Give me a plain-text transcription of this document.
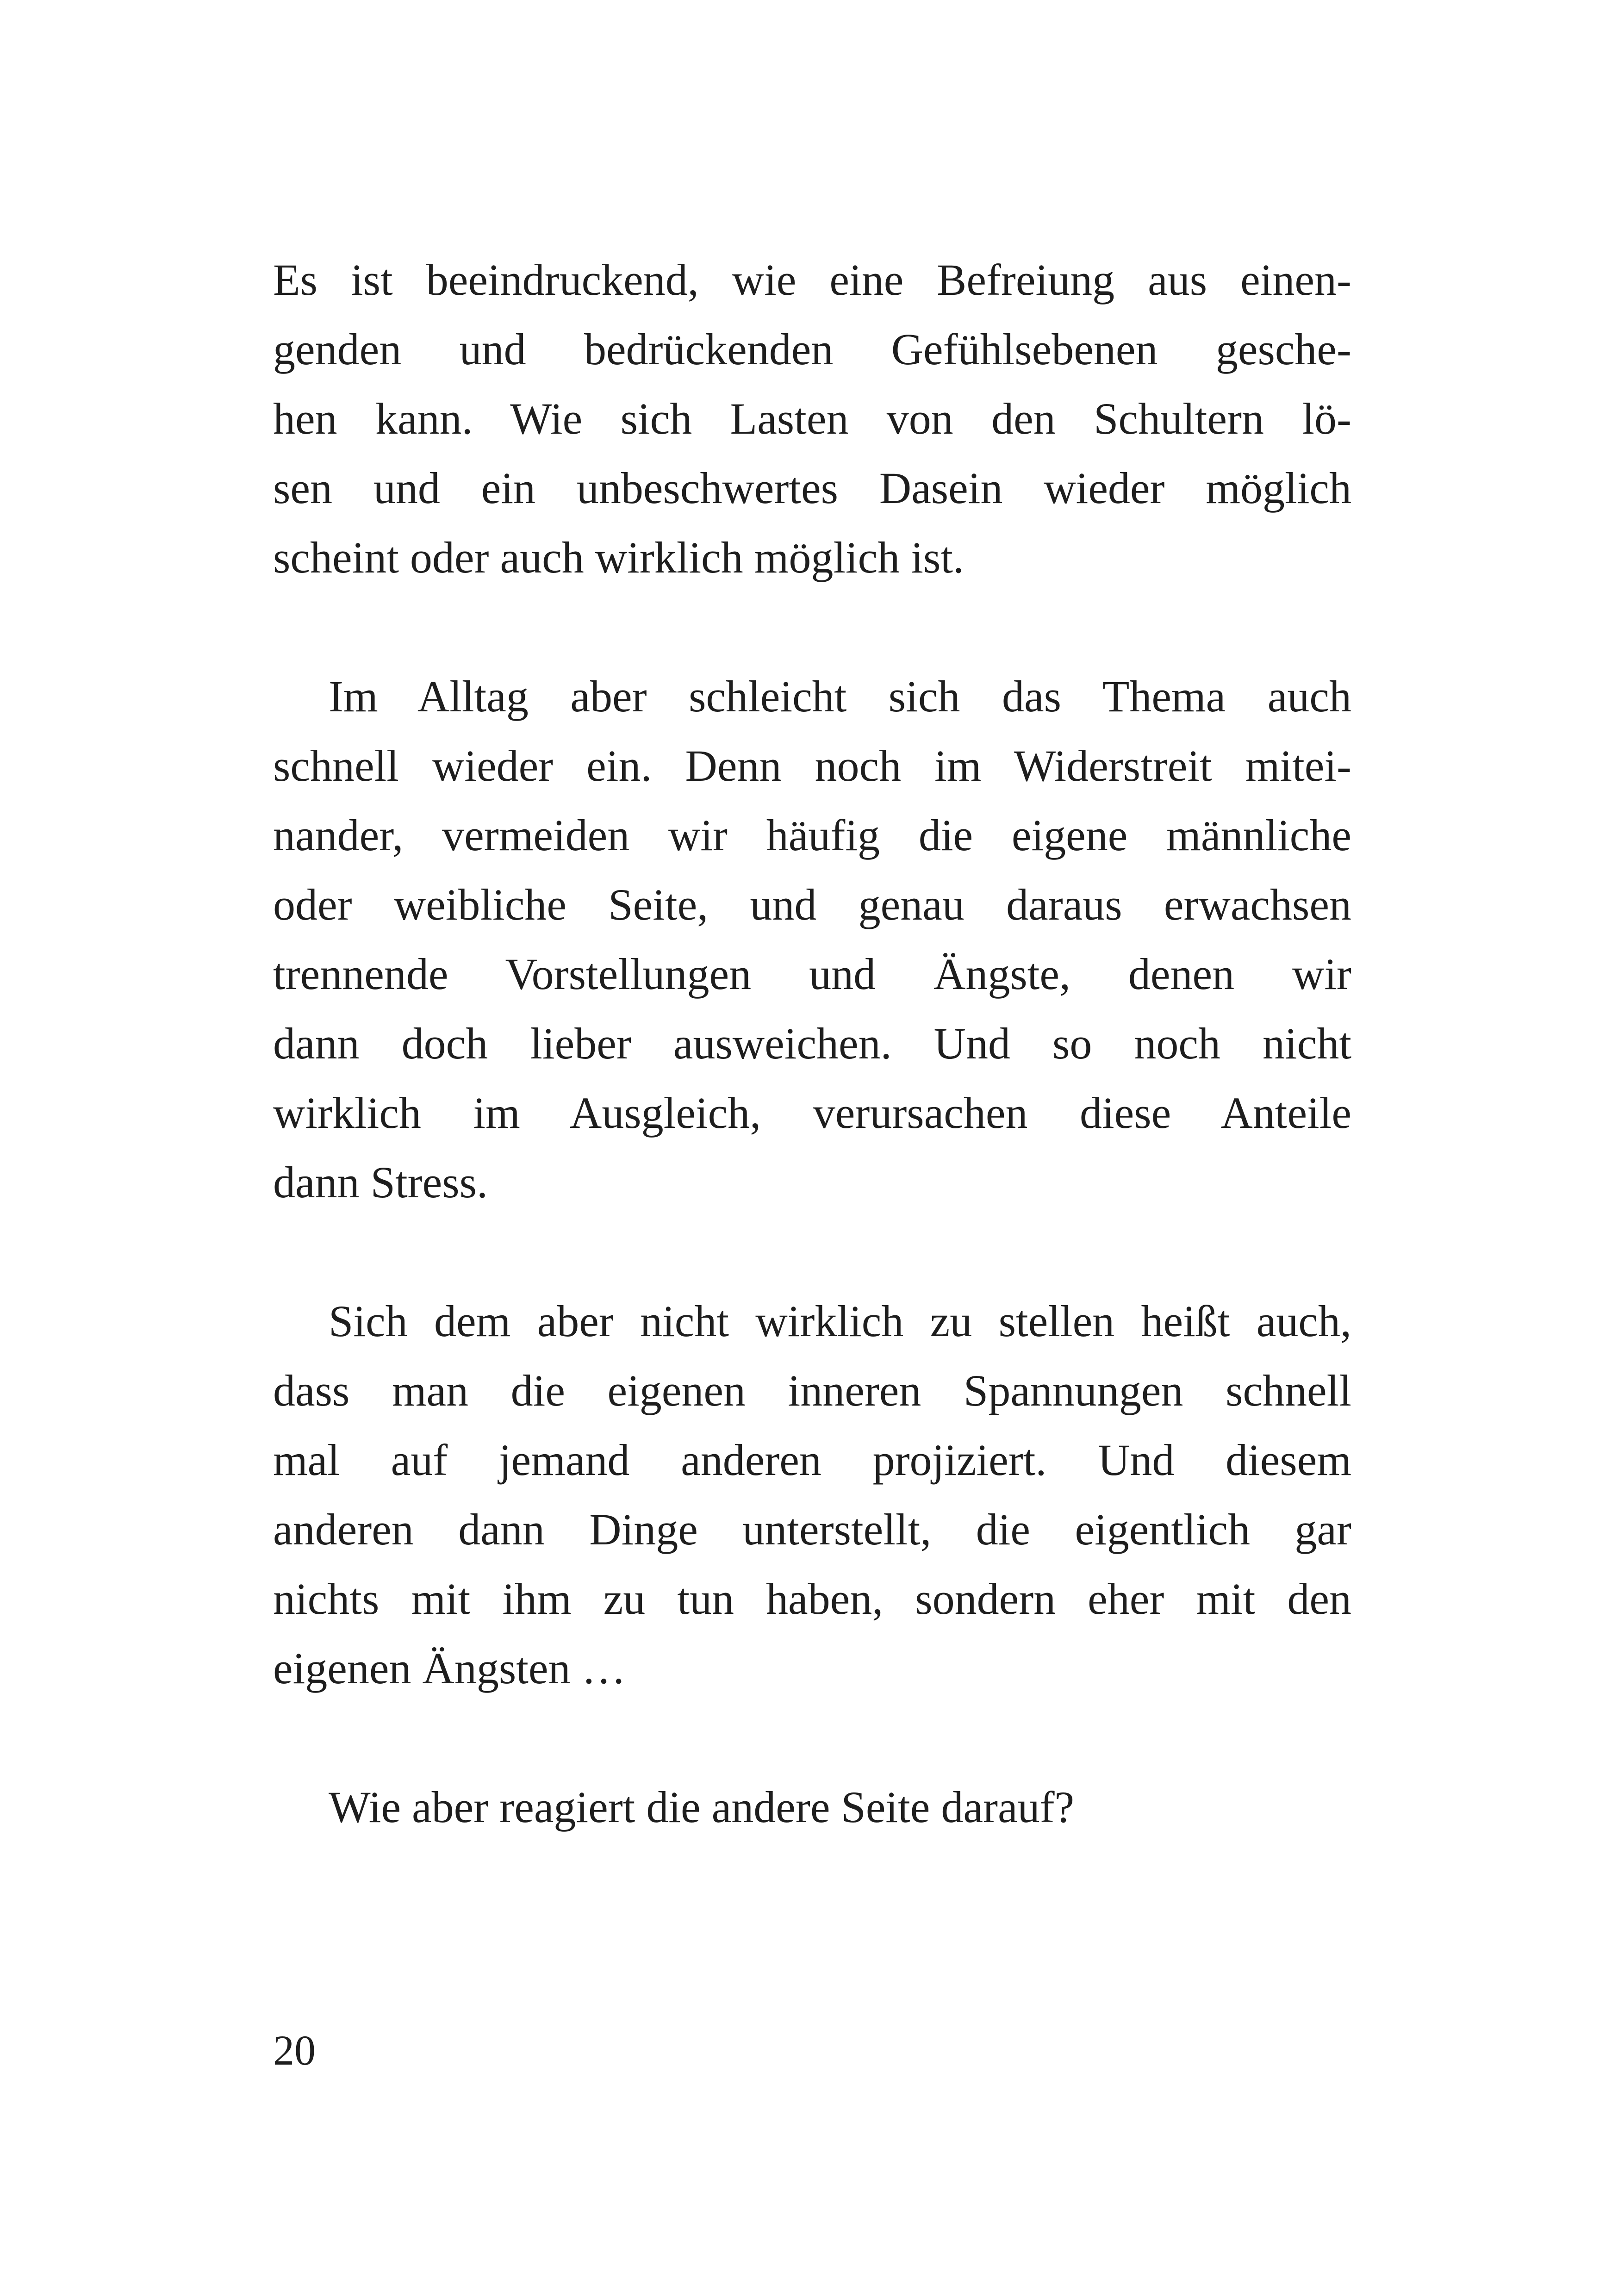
Es ist beeindruckend, wie eine Befreiung aus einen-
genden und bedrückenden Gefühlsebenen gesche-
hen kann. Wie sich Lasten von den Schultern lö-
sen und ein unbeschwertes Dasein wieder möglich
scheint oder auch wirklich möglich ist.

Im Alltag aber schleicht sich das Thema auch
schnell wieder ein. Denn noch im Widerstreit mitei-
nander, vermeiden wir häufig die eigene männliche
oder weibliche Seite, und genau daraus erwachsen
trennende Vorstellungen und Ängste, denen wir
dann doch lieber ausweichen. Und so noch nicht
wirklich im Ausgleich, verursachen diese Anteile
dann Stress.

Sich dem aber nicht wirklich zu stellen heißt auch,
dass man die eigenen inneren Spannungen schnell
mal auf jemand anderen projiziert. Und diesem
anderen dann Dinge unterstellt, die eigentlich gar
nichts mit ihm zu tun haben, sondern eher mit den
eigenen Ängsten …

Wie aber reagiert die andere Seite darauf?

20
